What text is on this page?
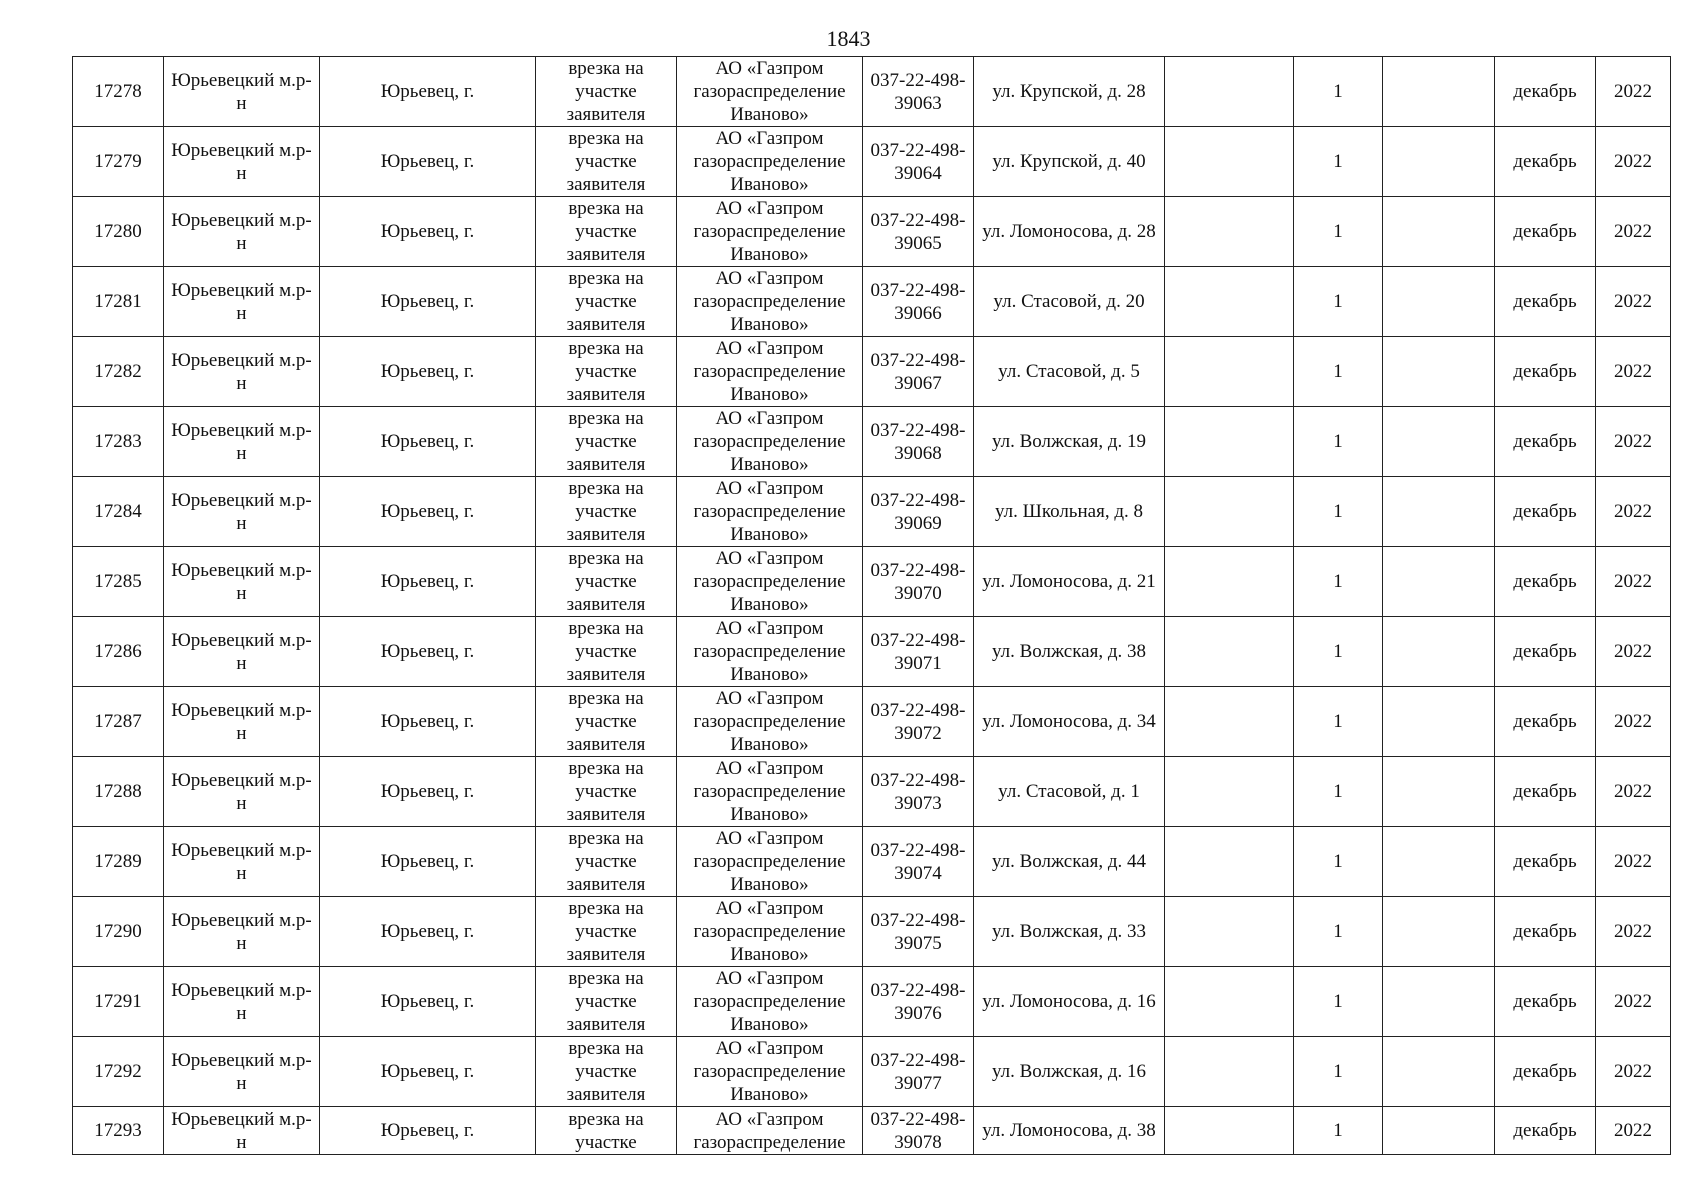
1843
17278	Юрьевецкий м.р-н	Юрьевец, г.	врезка на участке заявителя	АО «Газпром газораспределение Иваново»	037-22-498-39063	ул. Крупской, д. 28		1		декабрь	2022
17279	Юрьевецкий м.р-н	Юрьевец, г.	врезка на участке заявителя	АО «Газпром газораспределение Иваново»	037-22-498-39064	ул. Крупской, д. 40		1		декабрь	2022
17280	Юрьевецкий м.р-н	Юрьевец, г.	врезка на участке заявителя	АО «Газпром газораспределение Иваново»	037-22-498-39065	ул. Ломоносова, д. 28		1		декабрь	2022
17281	Юрьевецкий м.р-н	Юрьевец, г.	врезка на участке заявителя	АО «Газпром газораспределение Иваново»	037-22-498-39066	ул. Стасовой, д. 20		1		декабрь	2022
17282	Юрьевецкий м.р-н	Юрьевец, г.	врезка на участке заявителя	АО «Газпром газораспределение Иваново»	037-22-498-39067	ул. Стасовой, д. 5		1		декабрь	2022
17283	Юрьевецкий м.р-н	Юрьевец, г.	врезка на участке заявителя	АО «Газпром газораспределение Иваново»	037-22-498-39068	ул. Волжская, д. 19		1		декабрь	2022
17284	Юрьевецкий м.р-н	Юрьевец, г.	врезка на участке заявителя	АО «Газпром газораспределение Иваново»	037-22-498-39069	ул. Школьная, д. 8		1		декабрь	2022
17285	Юрьевецкий м.р-н	Юрьевец, г.	врезка на участке заявителя	АО «Газпром газораспределение Иваново»	037-22-498-39070	ул. Ломоносова, д. 21		1		декабрь	2022
17286	Юрьевецкий м.р-н	Юрьевец, г.	врезка на участке заявителя	АО «Газпром газораспределение Иваново»	037-22-498-39071	ул. Волжская, д. 38		1		декабрь	2022
17287	Юрьевецкий м.р-н	Юрьевец, г.	врезка на участке заявителя	АО «Газпром газораспределение Иваново»	037-22-498-39072	ул. Ломоносова, д. 34		1		декабрь	2022
17288	Юрьевецкий м.р-н	Юрьевец, г.	врезка на участке заявителя	АО «Газпром газораспределение Иваново»	037-22-498-39073	ул. Стасовой, д. 1		1		декабрь	2022
17289	Юрьевецкий м.р-н	Юрьевец, г.	врезка на участке заявителя	АО «Газпром газораспределение Иваново»	037-22-498-39074	ул. Волжская, д. 44		1		декабрь	2022
17290	Юрьевецкий м.р-н	Юрьевец, г.	врезка на участке заявителя	АО «Газпром газораспределение Иваново»	037-22-498-39075	ул. Волжская, д. 33		1		декабрь	2022
17291	Юрьевецкий м.р-н	Юрьевец, г.	врезка на участке заявителя	АО «Газпром газораспределение Иваново»	037-22-498-39076	ул. Ломоносова, д. 16		1		декабрь	2022
17292	Юрьевецкий м.р-н	Юрьевец, г.	врезка на участке заявителя	АО «Газпром газораспределение Иваново»	037-22-498-39077	ул. Волжская, д. 16		1		декабрь	2022
17293	Юрьевецкий м.р-н	Юрьевец, г.	врезка на участке	АО «Газпром газораспределение	037-22-498-39078	ул. Ломоносова, д. 38		1		декабрь	2022
